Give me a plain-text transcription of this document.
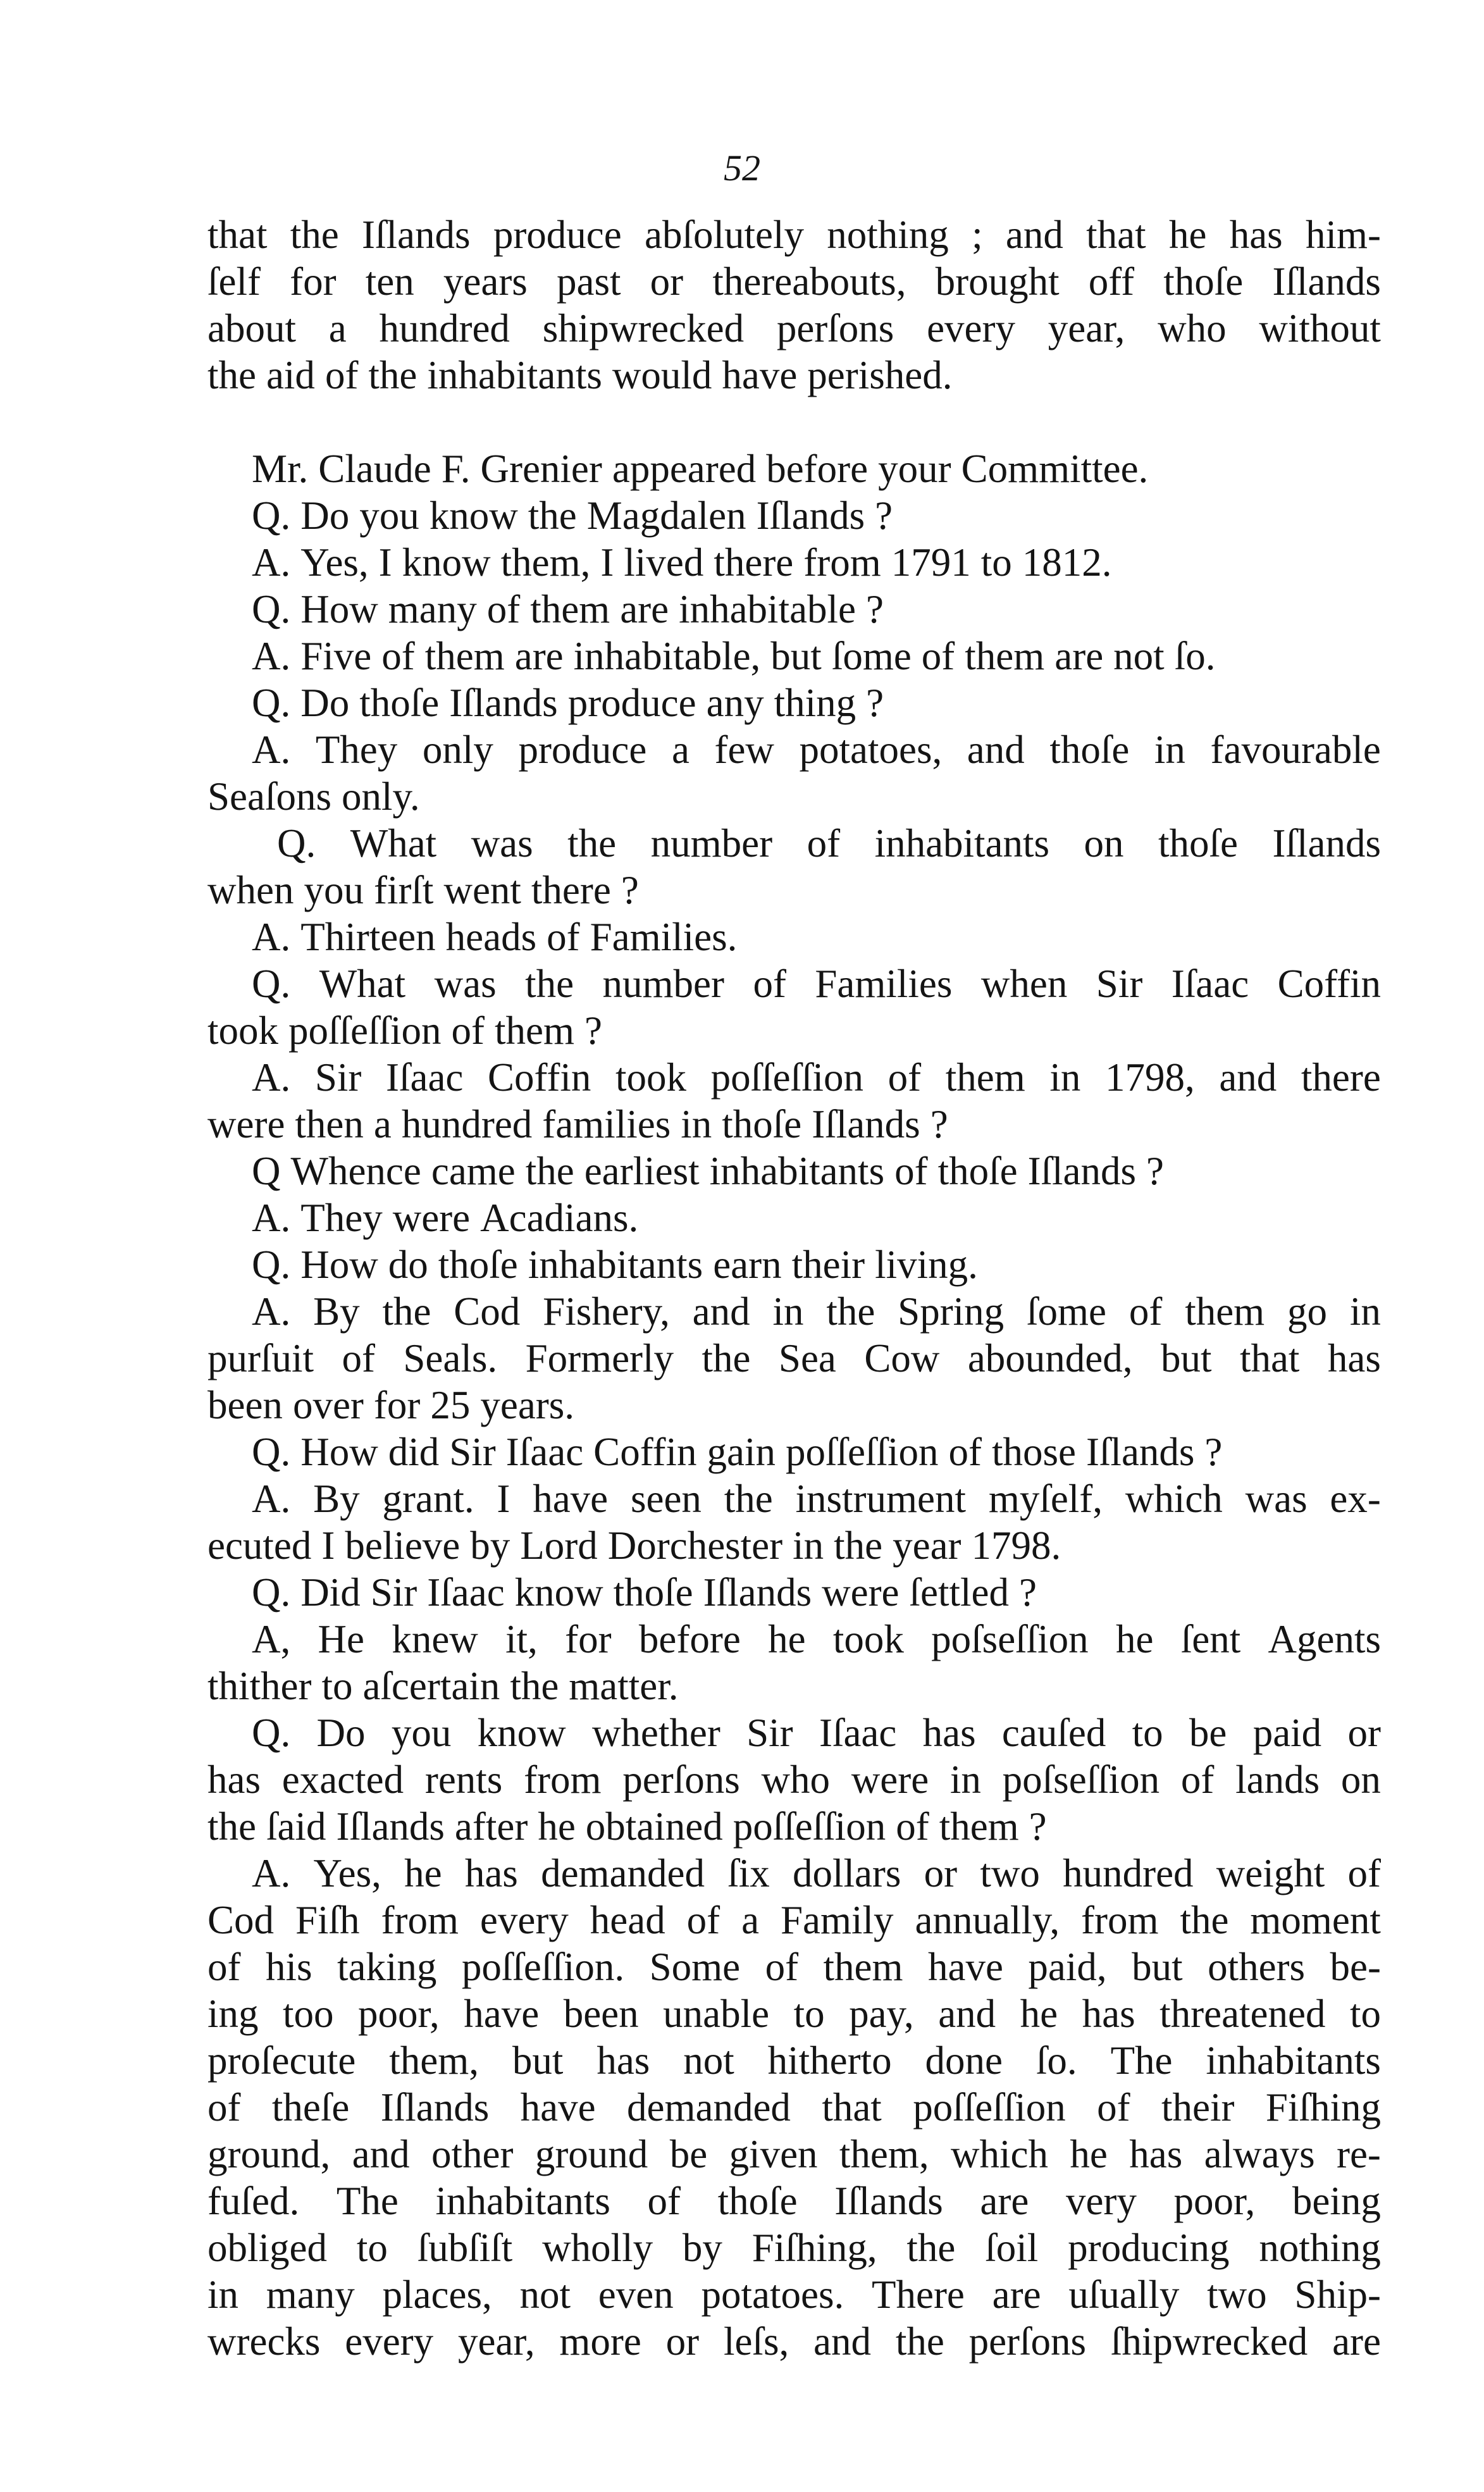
52
that the Iſlands produce abſolutely nothing ; and that he has him-
ſelf for ten years past or thereabouts, brought off thoſe Iſlands
about a hundred shipwrecked perſons every year, who without
the aid of the inhabitants would have perished.
Mr. Claude F. Grenier appeared before your Committee.
Q. Do you know the Magdalen Iſlands ?
A. Yes, I know them, I lived there from 1791 to 1812.
Q. How many of them are inhabitable ?
A. Five of them are inhabitable, but ſome of them are not ſo.
Q. Do thoſe Iſlands produce any thing ?
A. They only produce a few potatoes, and thoſe in favourable
Seaſons only.
Q. What was the number of inhabitants on thoſe Iſlands
when you firſt went there ?
A. Thirteen heads of Families.
Q. What was the number of Families when Sir Iſaac Coffin
took poſſeſſion of them ?
A. Sir Iſaac Coffin took poſſeſſion of them in 1798, and there
were then a hundred families in thoſe Iſlands ?
Q Whence came the earliest inhabitants of thoſe Iſlands ?
A. They were Acadians.
Q. How do thoſe inhabitants earn their living.
A. By the Cod Fishery, and in the Spring ſome of them go in
purſuit of Seals. Formerly the Sea Cow abounded, but that has
been over for 25 years.
Q. How did Sir Iſaac Coffin gain poſſeſſion of those Iſlands ?
A. By grant. I have seen the instrument myſelf, which was ex-
ecuted I believe by Lord Dorchester in the year 1798.
Q. Did Sir Iſaac know thoſe Iſlands were ſettled ?
A, He knew it, for before he took poſseſſion he ſent Agents
thither to aſcertain the matter.
Q. Do you know whether Sir Iſaac has cauſed to be paid or
has exacted rents from perſons who were in poſseſſion of lands on
the ſaid Iſlands after he obtained poſſeſſion of them ?
A. Yes, he has demanded ſix dollars or two hundred weight of
Cod Fiſh from every head of a Family annually, from the moment
of his taking poſſeſſion. Some of them have paid, but others be-
ing too poor, have been unable to pay, and he has threatened to
proſecute them, but has not hitherto done ſo. The inhabitants
of theſe Iſlands have demanded that poſſeſſion of their Fiſhing
ground, and other ground be given them, which he has always re-
fuſed. The inhabitants of thoſe Iſlands are very poor, being
obliged to ſubſiſt wholly by Fiſhing, the ſoil producing nothing
in many places, not even potatoes. There are uſually two Ship-
wrecks every year, more or leſs, and the perſons ſhipwrecked are
